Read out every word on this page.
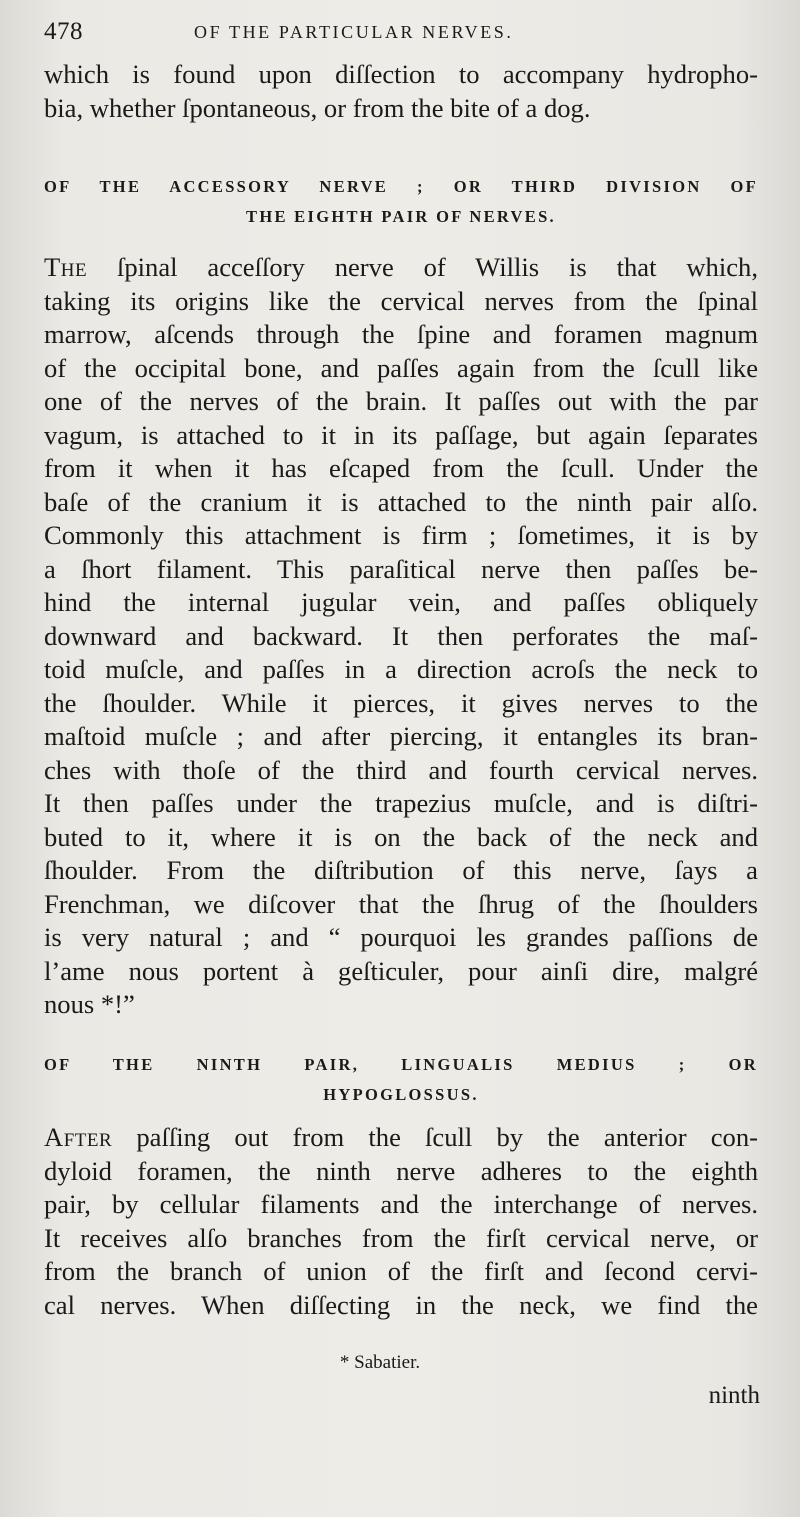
478	OF THE PARTICULAR NERVES.

which is found upon diſſection to accompany hydropho-
bia, whether ſpontaneous, or from the bite of a dog.

OF THE ACCESSORY NERVE ; OR THIRD DIVISION OF
THE EIGHTH PAIR OF NERVES.

The ſpinal acceſſory nerve of Willis is that which,
taking its origins like the cervical nerves from the ſpinal
marrow, aſcends through the ſpine and foramen magnum
of the occipital bone, and paſſes again from the ſcull like
one of the nerves of the brain. It paſſes out with the par
vagum, is attached to it in its paſſage, but again ſeparates
from it when it has eſcaped from the ſcull. Under the
baſe of the cranium it is attached to the ninth pair alſo.
Commonly this attachment is firm ; ſometimes, it is by
a ſhort filament. This paraſitical nerve then paſſes be-
hind the internal jugular vein, and paſſes obliquely
downward and backward. It then perforates the maſ-
toid muſcle, and paſſes in a direction acroſs the neck to
the ſhoulder. While it pierces, it gives nerves to the
maſtoid muſcle ; and after piercing, it entangles its bran-
ches with thoſe of the third and fourth cervical nerves.
It then paſſes under the trapezius muſcle, and is diſtri-
buted to it, where it is on the back of the neck and
ſhoulder. From the diſtribution of this nerve, ſays a
Frenchman, we diſcover that the ſhrug of the ſhoulders
is very natural ; and “ pourquoi les grandes paſſions de
l’ame nous portent à geſticuler, pour ainſi dire, malgré
nous *!”

OF THE NINTH PAIR, LINGUALIS MEDIUS ; OR
HYPOGLOSSUS.

After paſſing out from the ſcull by the anterior con-
dyloid foramen, the ninth nerve adheres to the eighth
pair, by cellular filaments and the interchange of nerves.
It receives alſo branches from the firſt cervical nerve, or
from the branch of union of the firſt and ſecond cervi-
cal nerves. When diſſecting in the neck, we find the

* Sabatier.
ninth
